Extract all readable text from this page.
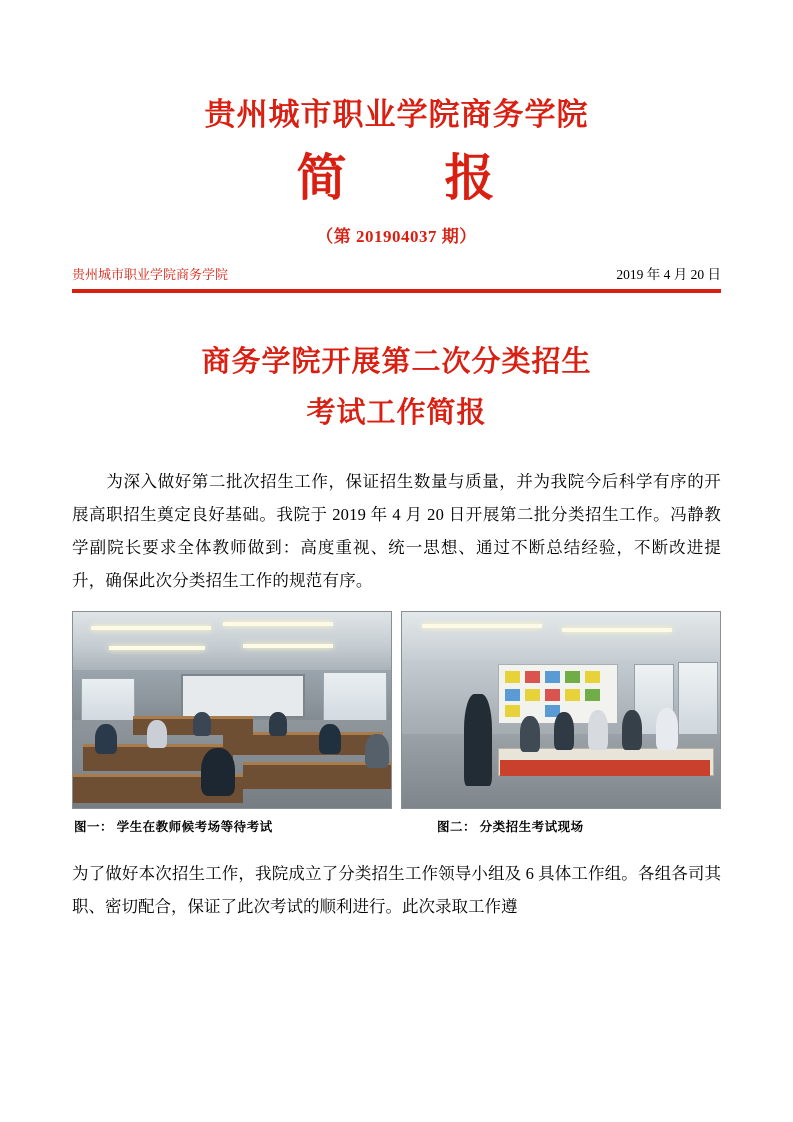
贵州城市职业学院商务学院
简 报
（第 201904037 期）
贵州城市职业学院商务学院	2019 年 4 月 20 日
商务学院开展第二次分类招生
考试工作简报
为深入做好第二批次招生工作，保证招生数量与质量，并为我院今后科学有序的开展高职招生奠定良好基础。我院于 2019 年 4 月 20 日开展第二批分类招生工作。冯静教学副院长要求全体教师做到：高度重视、统一思想、通过不断总结经验，不断改进提升，确保此次分类招生工作的规范有序。
图一： 学生在教师候考场等待考试	图二： 分类招生考试现场
为了做好本次招生工作，我院成立了分类招生工作领导小组及 6 具体工作组。各组各司其职、密切配合，保证了此次考试的顺利进行。此次录取工作遵
